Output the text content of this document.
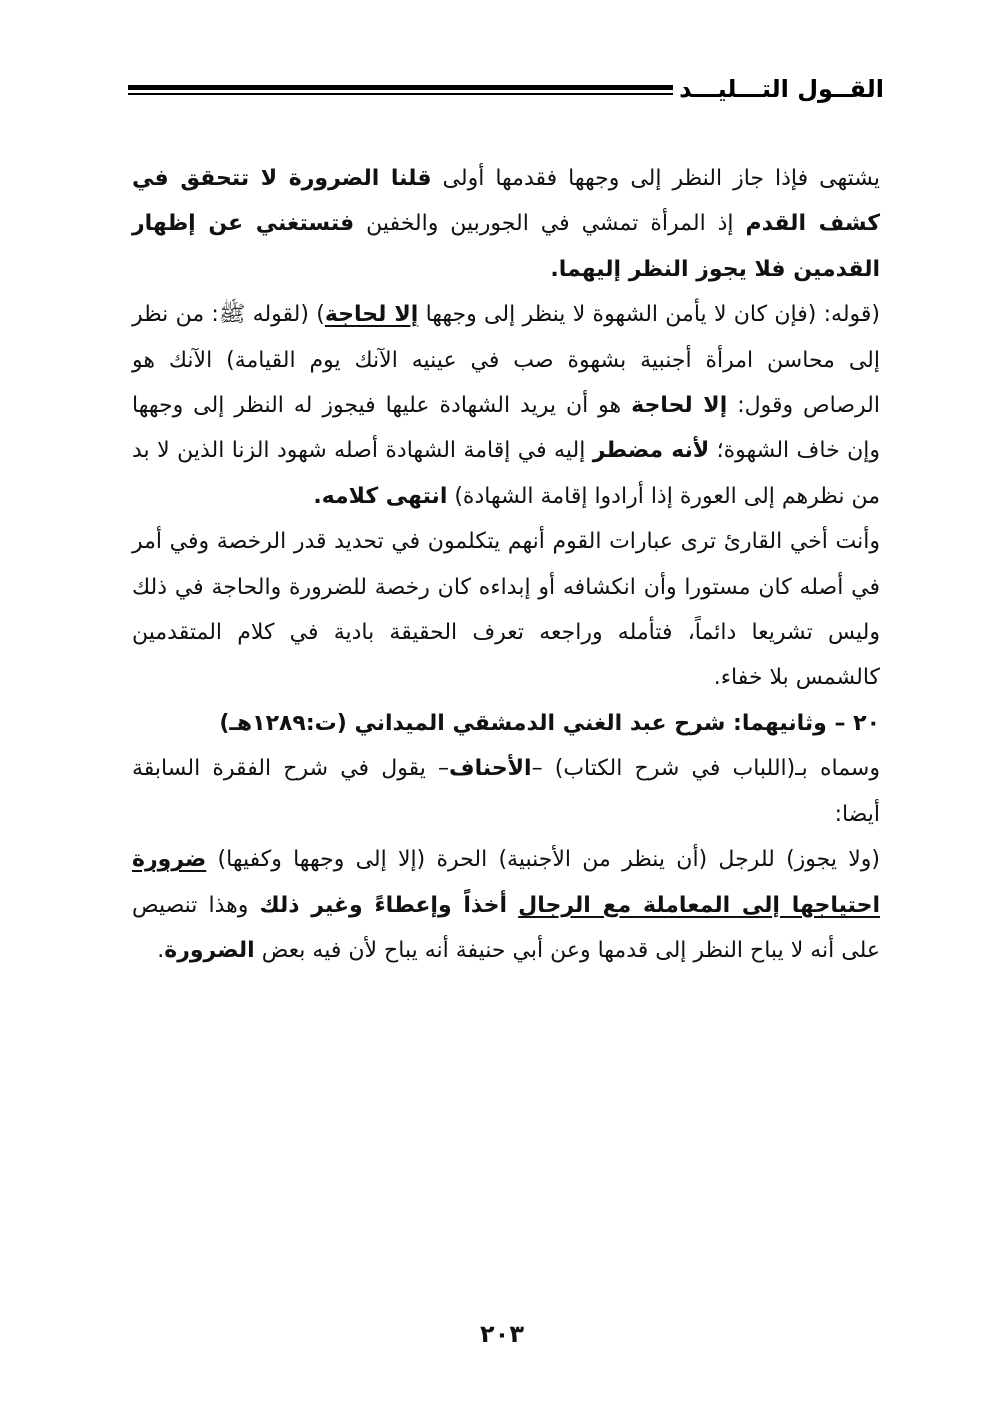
القــول التـــليـــد

يشتهى فإذا جاز النظر إلى وجهها فقدمها أولى قلنا الضرورة لا تتحقق في كشف القدم إذ المرأة تمشي في الجوربين والخفين فتستغني عن إظهار القدمين فلا يجوز النظر إليهما.

(قوله: (فإن كان لا يأمن الشهوة لا ينظر إلى وجهها إلا لحاجة) (لقوله ﷺ: من نظر إلى محاسن امرأة أجنبية بشهوة صب في عينيه الآنك يوم القيامة) الآنك هو الرصاص وقول: إلا لحاجة هو أن يريد الشهادة عليها فيجوز له النظر إلى وجهها وإن خاف الشهوة؛ لأنه مضطر إليه في إقامة الشهادة أصله شهود الزنا الذين لا بد من نظرهم إلى العورة إذا أرادوا إقامة الشهادة) انتهى كلامه.

وأنت أخي القارئ ترى عبارات القوم أنهم يتكلمون في تحديد قدر الرخصة وفي أمر في أصله كان مستورا وأن انكشافه أو إبداءه كان رخصة للضرورة والحاجة في ذلك وليس تشريعا دائماً، فتأمله وراجعه تعرف الحقيقة بادية في كلام المتقدمين كالشمس بلا خفاء.

٢٠ – وثانيهما: شرح عبد الغني الدمشقي الميداني (ت:١٢٨٩هـ)

وسماه بـ(اللباب في شرح الكتاب) –الأحناف– يقول في شرح الفقرة السابقة أيضا:

(ولا يجوز) للرجل (أن ينظر من الأجنبية) الحرة (إلا إلى وجهها وكفيها) ضرورة احتياجها إلى المعاملة مع الرجال أخذاً وإعطاءً وغير ذلك وهذا تنصيص على أنه لا يباح النظر إلى قدمها وعن أبي حنيفة أنه يباح لأن فيه بعض الضرورة.

٢٠٣
